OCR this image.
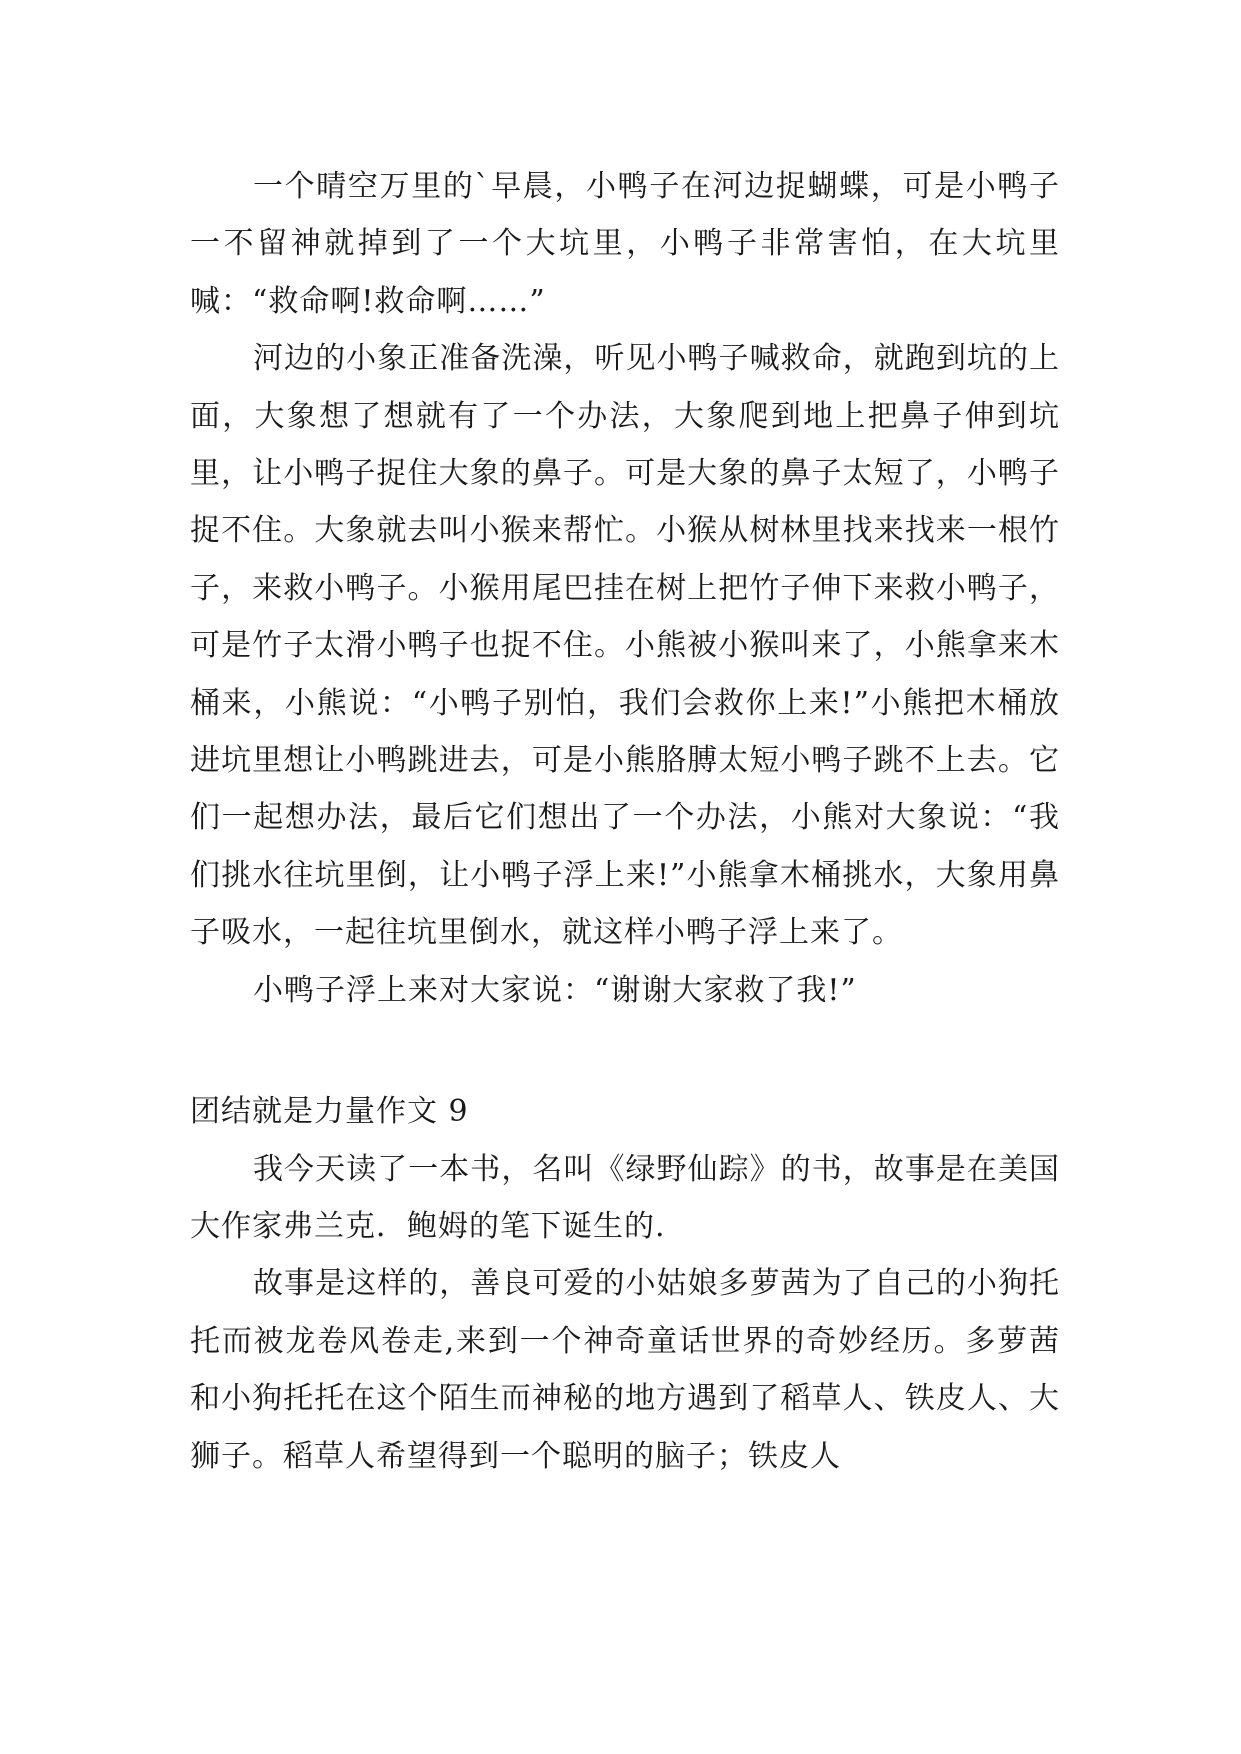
一个晴空万里的`早晨，小鸭子在河边捉蝴蝶，可是小鸭子一不留神就掉到了一个大坑里，小鸭子非常害怕，在大坑里喊：“救命啊!救命啊……”

河边的小象正准备洗澡，听见小鸭子喊救命，就跑到坑的上面，大象想了想就有了一个办法，大象爬到地上把鼻子伸到坑里，让小鸭子捉住大象的鼻子。可是大象的鼻子太短了，小鸭子捉不住。大象就去叫小猴来帮忙。小猴从树林里找来找来一根竹子，来救小鸭子。小猴用尾巴挂在树上把竹子伸下来救小鸭子，可是竹子太滑小鸭子也捉不住。小熊被小猴叫来了，小熊拿来木桶来，小熊说：“小鸭子别怕，我们会救你上来!”小熊把木桶放进坑里想让小鸭跳进去，可是小熊胳膊太短小鸭子跳不上去。它们一起想办法，最后它们想出了一个办法，小熊对大象说：“我们挑水往坑里倒，让小鸭子浮上来!”小熊拿木桶挑水，大象用鼻子吸水，一起往坑里倒水，就这样小鸭子浮上来了。

小鸭子浮上来对大家说：“谢谢大家救了我!”

团结就是力量作文 9

我今天读了一本书，名叫《绿野仙踪》的书，故事是在美国大作家弗兰克．鲍姆的笔下诞生的.

故事是这样的，善良可爱的小姑娘多萝茜为了自己的小狗托托而被龙卷风卷走,来到一个神奇童话世界的奇妙经历。多萝茜和小狗托托在这个陌生而神秘的地方遇到了稻草人、铁皮人、大狮子。稻草人希望得到一个聪明的脑子；铁皮人
